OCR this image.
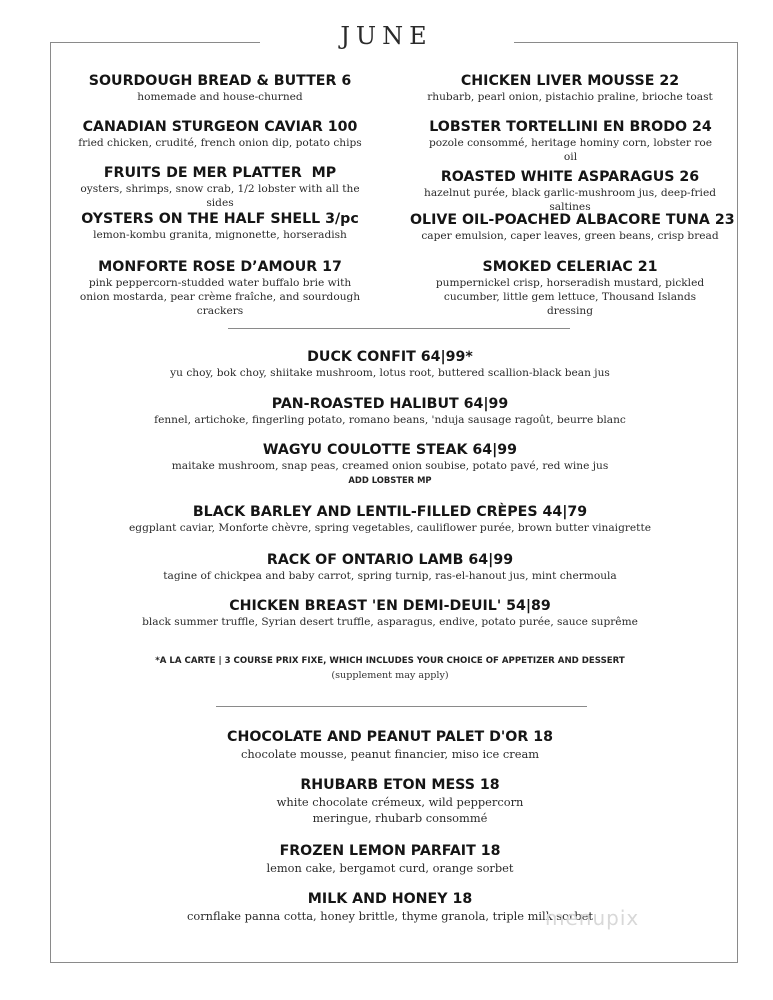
JUNE
SOURDOUGH BREAD & BUTTER 6
homemade and house-churned
CANADIAN STURGEON CAVIAR 100
fried chicken, crudité, french onion dip, potato chips
FRUITS DE MER PLATTER  MP
oysters, shrimps, snow crab, 1/2 lobster with all the sides
OYSTERS ON THE HALF SHELL 3/pc
lemon-kombu granita, mignonette, horseradish
MONFORTE ROSE D’AMOUR 17
pink peppercorn-studded water buffalo brie with onion mostarda, pear crème fraîche, and sourdough crackers
CHICKEN LIVER MOUSSE 22
rhubarb, pearl onion, pistachio praline, brioche toast
LOBSTER TORTELLINI EN BRODO 24
pozole consommé, heritage hominy corn, lobster roe oil
ROASTED WHITE ASPARAGUS 26
hazelnut purée, black garlic-mushroom jus, deep-fried saltines
OLIVE OIL-POACHED ALBACORE TUNA 23
caper emulsion, caper leaves, green beans, crisp bread
SMOKED CELERIAC 21
pumpernickel crisp, horseradish mustard, pickled cucumber, little gem lettuce, Thousand Islands dressing
DUCK CONFIT 64|99*
yu choy, bok choy, shiitake mushroom, lotus root, buttered scallion-black bean jus
PAN-ROASTED HALIBUT 64|99
fennel, artichoke, fingerling potato, romano beans, 'nduja sausage ragoût, beurre blanc
WAGYU COULOTTE STEAK 64|99
maitake mushroom, snap peas, creamed onion soubise, potato pavé, red wine jus
ADD LOBSTER MP
BLACK BARLEY AND LENTIL-FILLED CRÈPES 44|79
eggplant caviar, Monforte chèvre, spring vegetables, cauliflower purée, brown butter vinaigrette
RACK OF ONTARIO LAMB 64|99
tagine of chickpea and baby carrot, spring turnip, ras-el-hanout jus, mint chermoula
CHICKEN BREAST 'EN DEMI-DEUIL' 54|89
black summer truffle, Syrian desert truffle, asparagus, endive, potato purée, sauce suprême
*A LA CARTE | 3 COURSE PRIX FIXE, WHICH INCLUDES YOUR CHOICE OF APPETIZER AND DESSERT
(supplement may apply)
CHOCOLATE AND PEANUT PALET D'OR 18
chocolate mousse, peanut financier, miso ice cream
RHUBARB ETON MESS 18
white chocolate crémeux, wild peppercorn meringue, rhubarb consommé
FROZEN LEMON PARFAIT 18
lemon cake, bergamot curd, orange sorbet
MILK AND HONEY 18
cornflake panna cotta, honey brittle, thyme granola, triple milk sorbet
menupix
